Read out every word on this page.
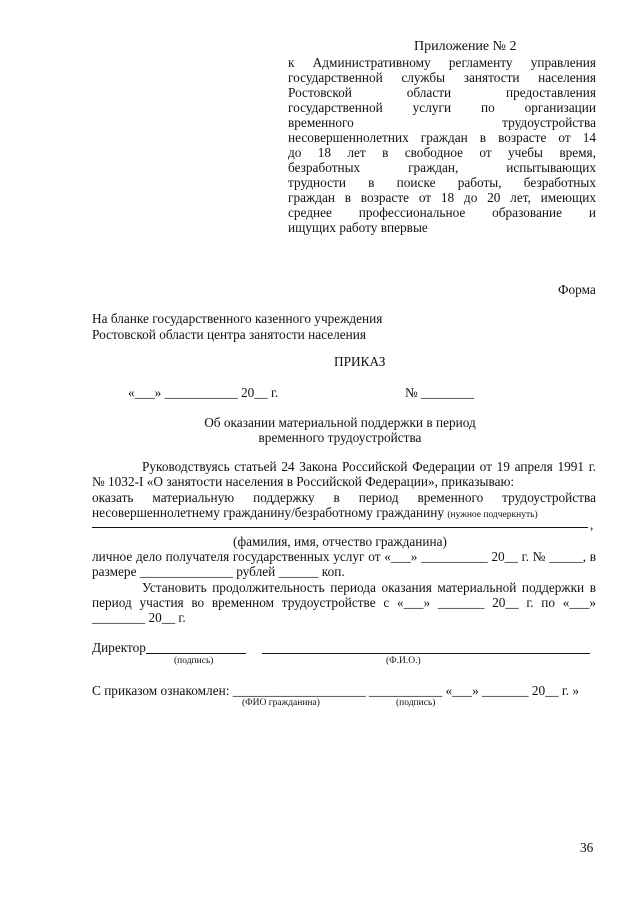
Приложение № 2
к Административному регламенту управления
государственной службы занятости населения
Ростовской области предоставления
государственной услуги по организации
временного трудоустройства
несовершеннолетних граждан в возрасте от 14
до 18 лет в свободное от учебы время,
безработных граждан, испытывающих
трудности в поиске работы, безработных
граждан в возрасте от 18 до 20 лет, имеющих
среднее профессиональное образование и
ищущих работу впервые
Форма
На бланке государственного казенного учреждения
Ростовской области центра занятости населения
ПРИКАЗ
«___» ___________ 20__ г.	№ ________
Об оказании материальной поддержки в период
временного трудоустройства
Руководствуясь статьей 24 Закона Российской Федерации от 19 апреля 1991 г.
№ 1032-I «О занятости населения в Российской Федерации», приказываю:
оказать материальную поддержку в период временного трудоустройства
несовершеннолетнему гражданину/безработному гражданину (нужное подчеркнуть)
,
(фамилия, имя, отчество гражданина)
личное дело получателя государственных услуг от «___» __________ 20__ г. № _____, в
размере ______________ рублей ______ коп.
Установить продолжительность периода оказания материальной поддержки в
период участия во временном трудоустройстве с «___» _______ 20__ г. по «___»
________ 20__ г.
Директор
(подпись)	(Ф.И.О.)
С приказом ознакомлен: ____________________ ___________ «___» _______ 20__ г. »
(ФИО гражданина)	(подпись)
36
